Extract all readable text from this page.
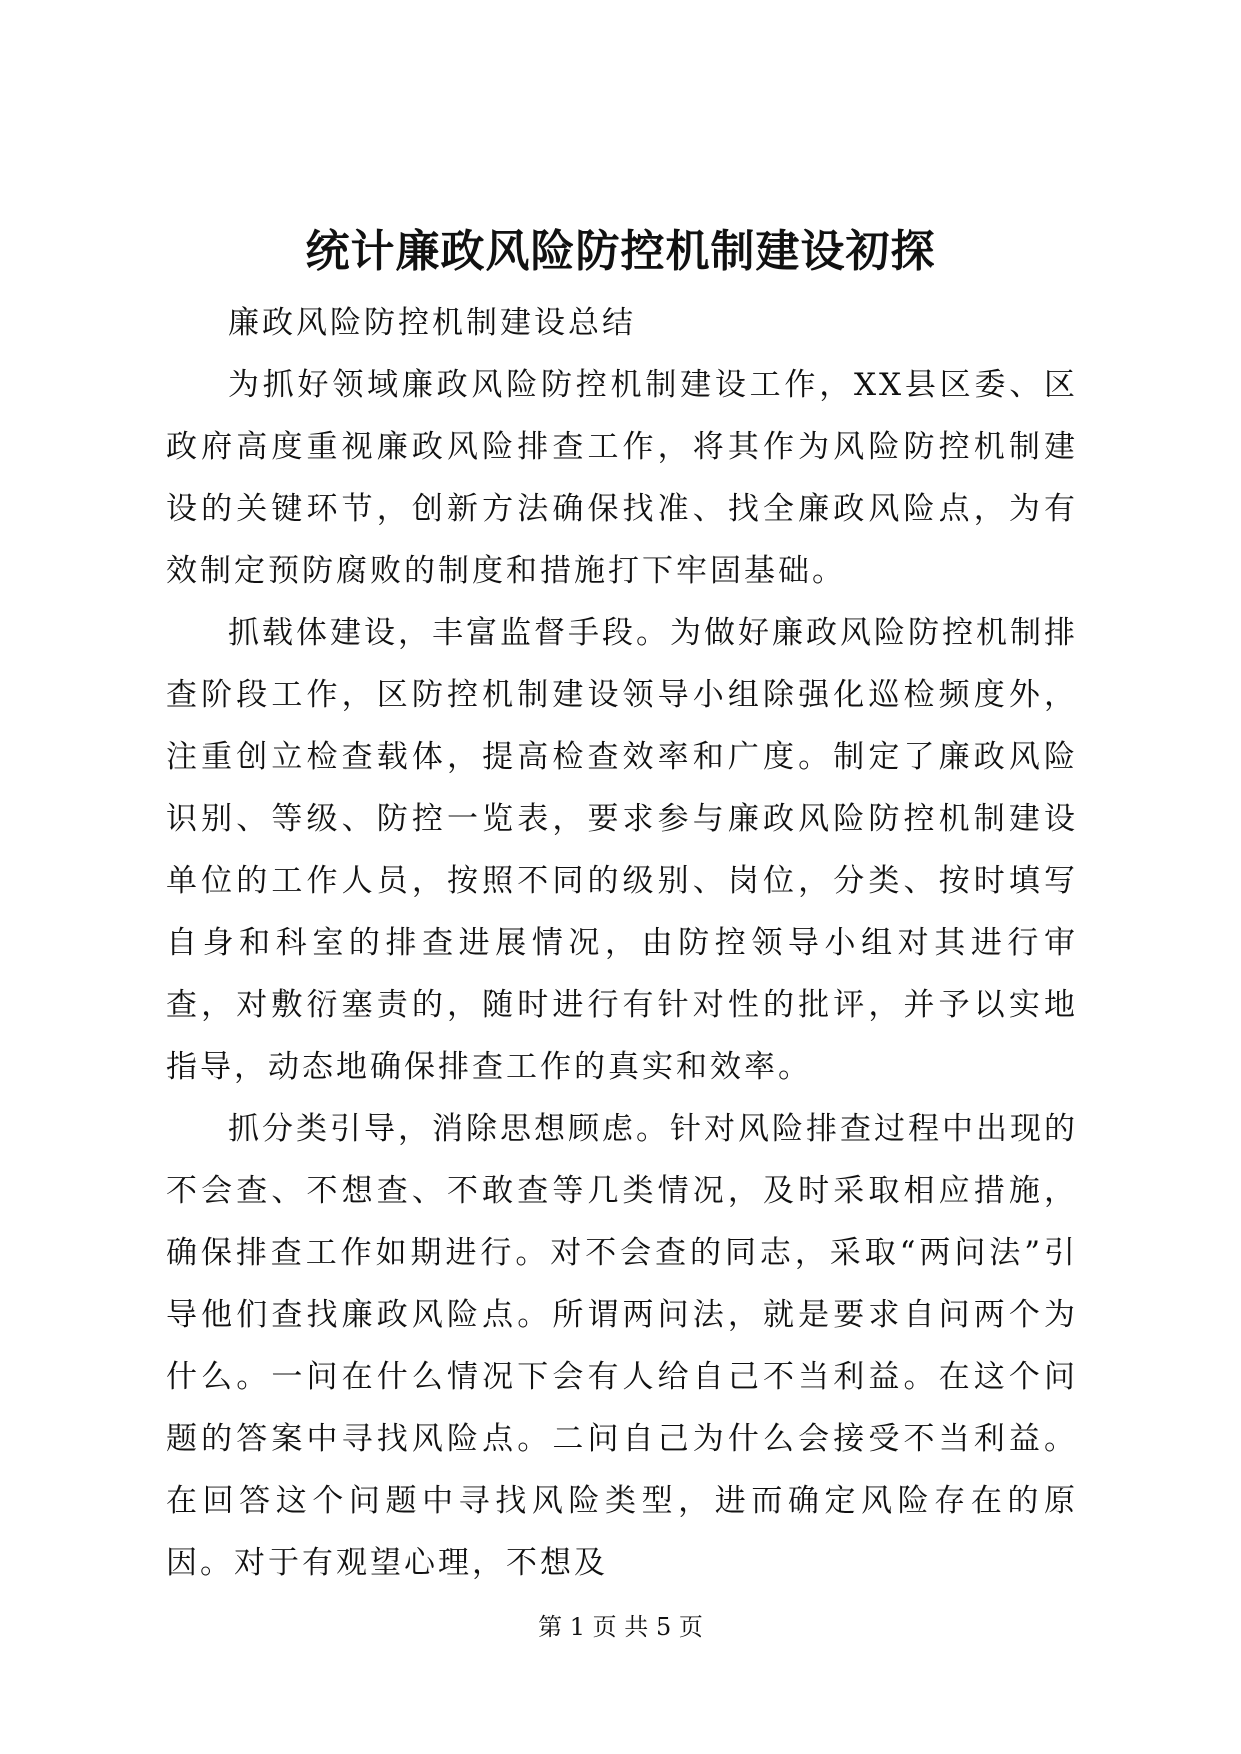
统计廉政风险防控机制建设初探

廉政风险防控机制建设总结

为抓好领域廉政风险防控机制建设工作，XX县区委、区政府高度重视廉政风险排查工作，将其作为风险防控机制建设的关键环节，创新方法确保找准、找全廉政风险点，为有效制定预防腐败的制度和措施打下牢固基础。

抓载体建设，丰富监督手段。为做好廉政风险防控机制排查阶段工作，区防控机制建设领导小组除强化巡检频度外，注重创立检查载体，提高检查效率和广度。制定了廉政风险识别、等级、防控一览表，要求参与廉政风险防控机制建设单位的工作人员，按照不同的级别、岗位，分类、按时填写自身和科室的排查进展情况，由防控领导小组对其进行审查，对敷衍塞责的，随时进行有针对性的批评，并予以实地指导，动态地确保排查工作的真实和效率。

抓分类引导，消除思想顾虑。针对风险排查过程中出现的不会查、不想查、不敢查等几类情况，及时采取相应措施，确保排查工作如期进行。对不会查的同志，采取“两问法”引导他们查找廉政风险点。所谓两问法，就是要求自问两个为什么。一问在什么情况下会有人给自己不当利益。在这个问题的答案中寻找风险点。二问自己为什么会接受不当利益。在回答这个问题中寻找风险类型，进而确定风险存在的原因。对于有观望心理，不想及

第 1 页 共 5 页
